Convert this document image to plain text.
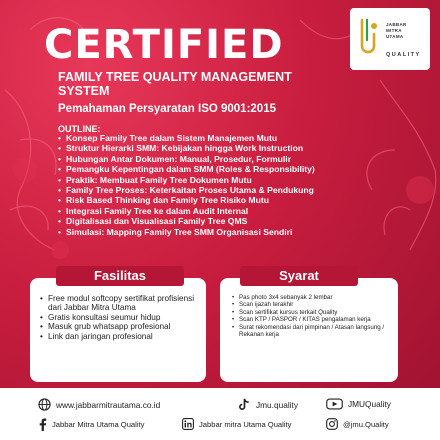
JABBAR
MITRA
UTAMA
QUALITY
CERTIFIED
FAMILY TREE QUALITY MANAGEMENT SYSTEM
Pemahaman Persyaratan ISO 9001:2015
OUTLINE:
• Konsep Family Tree dalam Sistem Manajemen Mutu
• Struktur Hierarki SMM: Kebijakan hingga Work Instruction
• Hubungan Antar Dokumen: Manual, Prosedur, Formulir
• Pemangku Kepentingan dalam SMM (Roles & Responsibility)
• Praktik: Membuat Family Tree Dokumen Mutu
• Family Tree Proses: Keterkaitan Proses Utama & Pendukung
• Risk Based Thinking dan Family Tree Risiko Mutu
• Integrasi Family Tree ke dalam Audit Internal
• Digitalisasi dan Visualisasi Family Tree QMS
• Simulasi: Mapping Family Tree SMM Organisasi Sendiri
• Free modul softcopy sertifikat profisiensi dari Jabbar Mitra Utama
• Gratis konsultasi seumur hidup
• Masuk grub whatsapp profesional
• Link dan jaringan profesional
Fasilitas
• Pas photo 3x4 sebanyak 2 lembar
• Scan ijazah terakhir
• Scan sertifikat kursus terkait Quality
• Scan KTP / PASPOR / KITAS pengalaman kerja
• Surat rekomendasi dari pimpinan / Atasan langsung / Rekanan kerja
Syarat
www.jabbarmitrautama.co.id	Jmu.quality	JMUQuality
Jabbar Mitra Utama Quality	Jabbar mitra Utama Quality	@jmu.Quality
